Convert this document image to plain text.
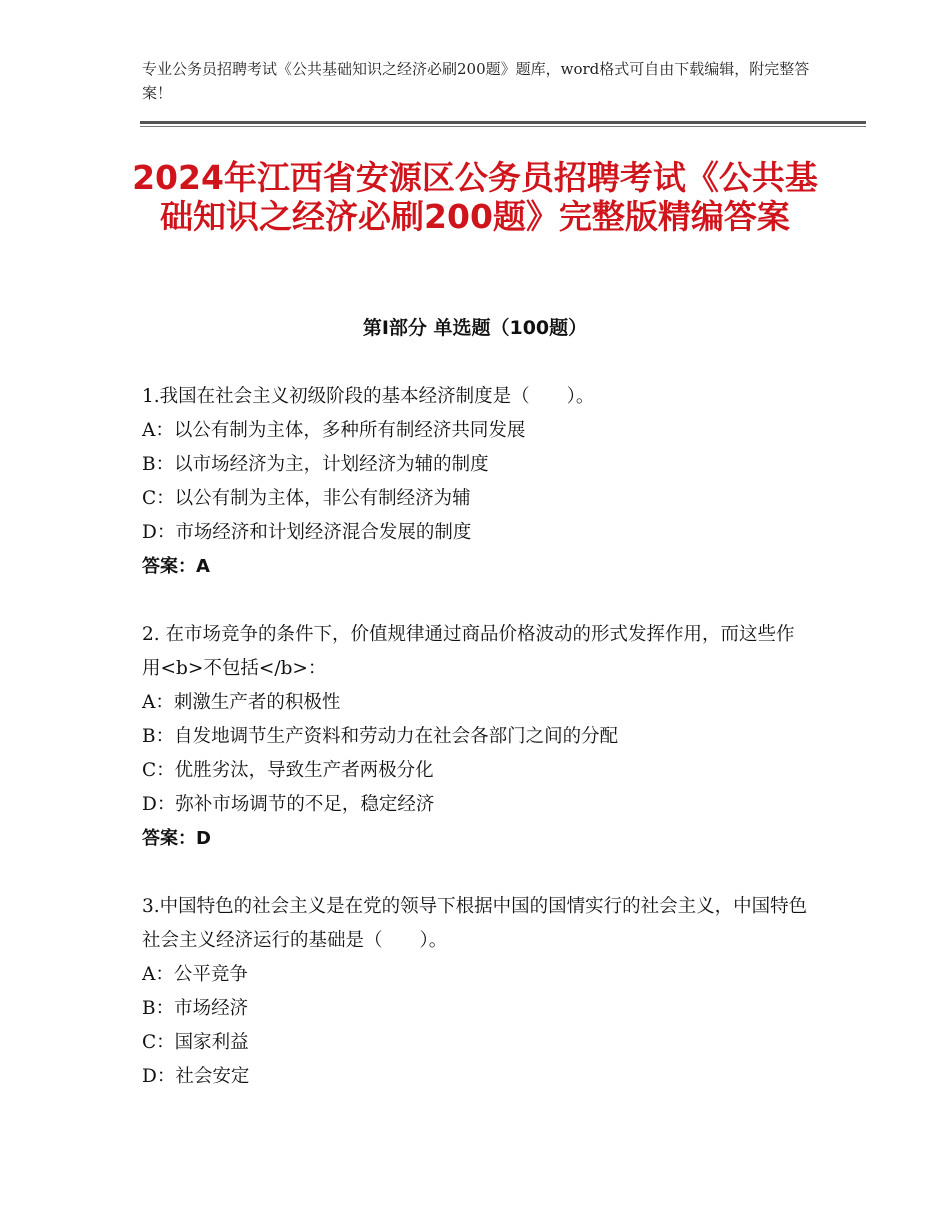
专业公务员招聘考试《公共基础知识之经济必刷200题》题库，word格式可自由下载编辑，附完整答案！
2024年江西省安源区公务员招聘考试《公共基础知识之经济必刷200题》完整版精编答案
第I部分 单选题（100题）

1.我国在社会主义初级阶段的基本经济制度是（　　）。

A：以公有制为主体，多种所有制经济共同发展

B：以市场经济为主，计划经济为辅的制度

C：以公有制为主体，非公有制经济为辅

D：市场经济和计划经济混合发展的制度

答案：A

2. 在市场竞争的条件下，价值规律通过商品价格波动的形式发挥作用，而这些作用<b>不包括</b>：

A：刺激生产者的积极性

B：自发地调节生产资料和劳动力在社会各部门之间的分配

C：优胜劣汰，导致生产者两极分化

D：弥补市场调节的不足，稳定经济

答案：D

3.中国特色的社会主义是在党的领导下根据中国的国情实行的社会主义，中国特色社会主义经济运行的基础是（　　）。

A：公平竞争

B：市场经济

C：国家利益

D：社会安定
